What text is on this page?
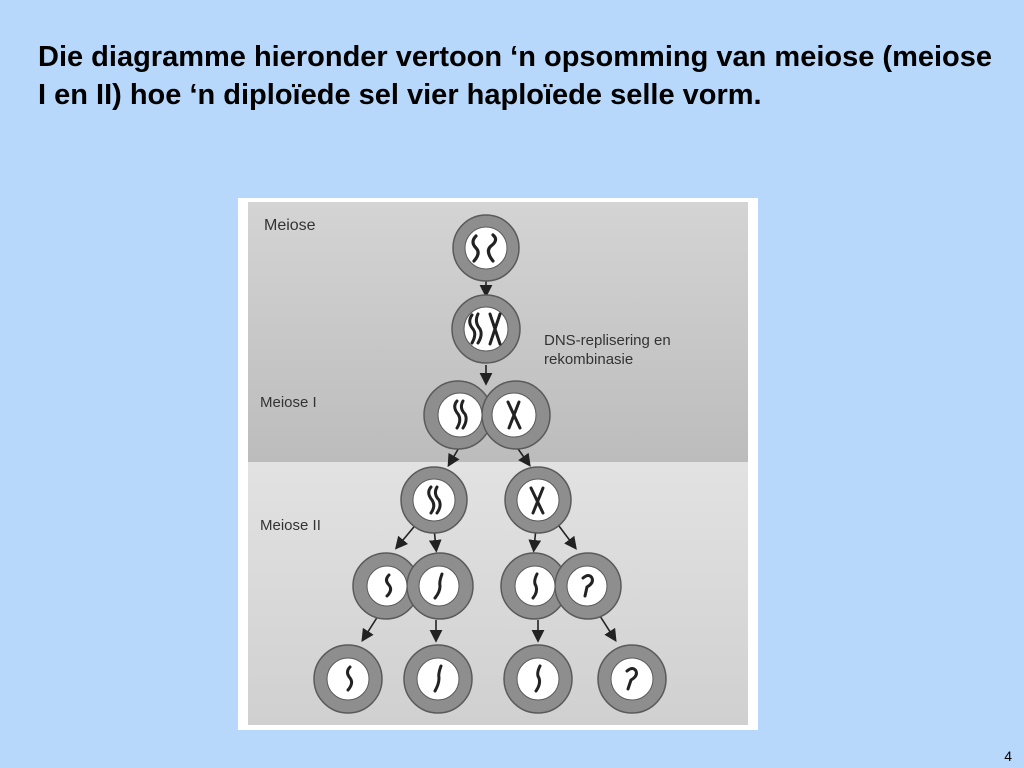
Die diagramme hieronder vertoon ‘n opsomming van meiose (meiose I en II) hoe ‘n diploïede sel vier haploïede selle vorm.
Meiose
DNS-replisering en
rekombinasie
Meiose I
Meiose II
4
